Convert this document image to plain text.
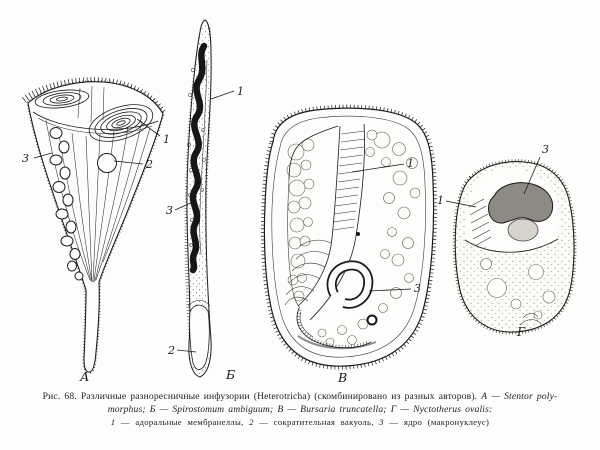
1
2
3
А
1
3
2
Б
1
3
В
3
1
Г
Рис. 68. Различные разноресничные инфузории (Heterotricha) (скомбинировано из разных авторов). А — Stentor poly-
morphus; Б — Spirostomum ambiguum; В — Bursaria truncatella; Г — Nyctotherus ovalis:
1 — адоральные мембранеллы, 2 — сократительная вакуоль, 3 — ядро (макронуклеус)
